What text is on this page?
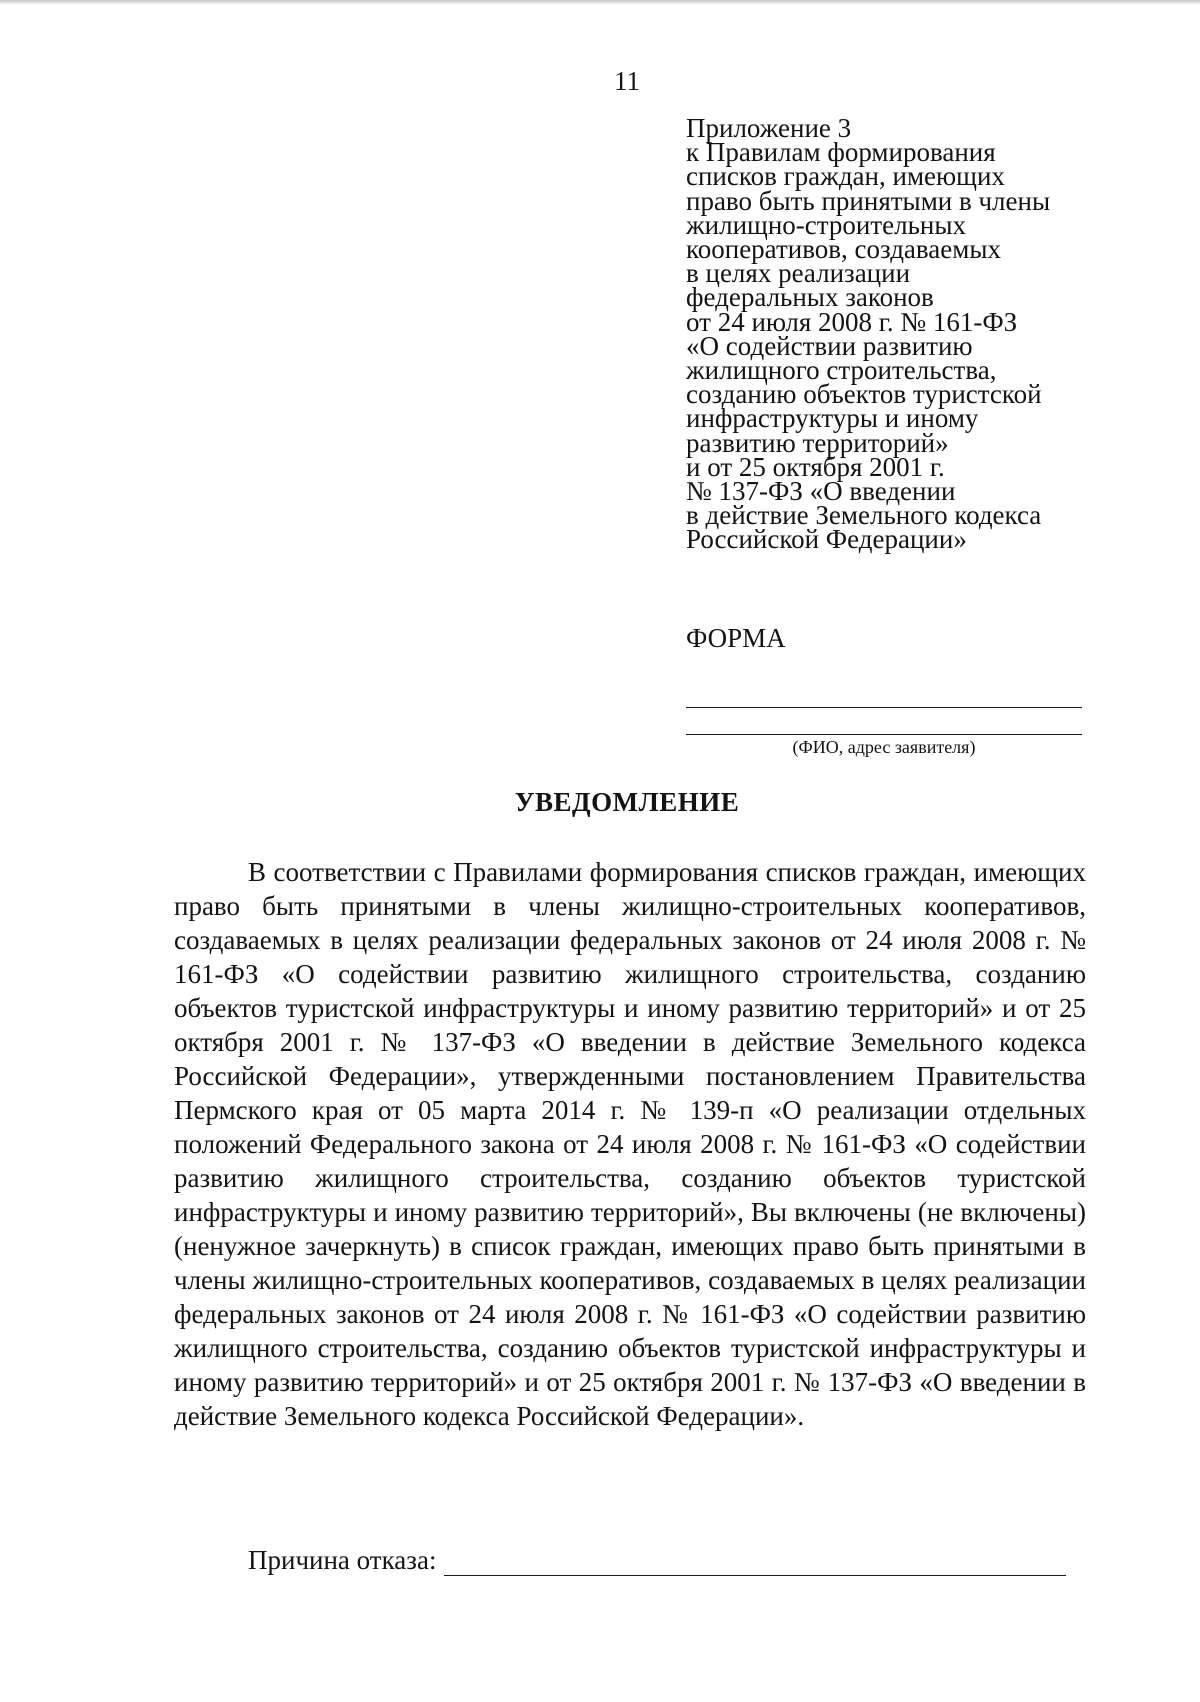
11
Приложение 3
к Правилам формирования
списков граждан, имеющих
право быть принятыми в члены
жилищно-строительных
кооперативов, создаваемых
в целях реализации
федеральных законов
от 24 июля 2008 г. № 161-ФЗ
«О содействии развитию
жилищного строительства,
созданию объектов туристской
инфраструктуры и иному
развитию территорий»
и от 25 октября 2001 г.
№ 137-ФЗ «О введении
в действие Земельного кодекса
Российской Федерации»
ФОРМА
(ФИО, адрес заявителя)
УВЕДОМЛЕНИЕ

В соответствии с Правилами формирования списков граждан, имеющих право быть принятыми в члены жилищно-строительных кооперативов, создаваемых в целях реализации федеральных законов от 24 июля 2008 г. № 161-ФЗ «О содействии развитию жилищного строительства, созданию объектов туристской инфраструктуры и иному развитию территорий» и от 25 октября 2001 г. № 137-ФЗ «О введении в действие Земельного кодекса Российской Федерации», утвержденными постановлением Правительства Пермского края от 05 марта 2014 г. № 139-п «О реализации отдельных положений Федерального закона от 24 июля 2008 г. № 161-ФЗ «О содействии развитию жилищного строительства, созданию объектов туристской инфраструктуры и иному развитию территорий», Вы включены (не включены) (ненужное зачеркнуть) в список граждан, имеющих право быть принятыми в члены жилищно-строительных кооперативов, создаваемых в целях реализации федеральных законов от 24 июля 2008 г. № 161-ФЗ «О содействии развитию жилищного строительства, созданию объектов туристской инфраструктуры и иному развитию территорий» и от 25 октября 2001 г. № 137-ФЗ «О введении в действие Земельного кодекса Российской Федерации».

Причина отказа:
